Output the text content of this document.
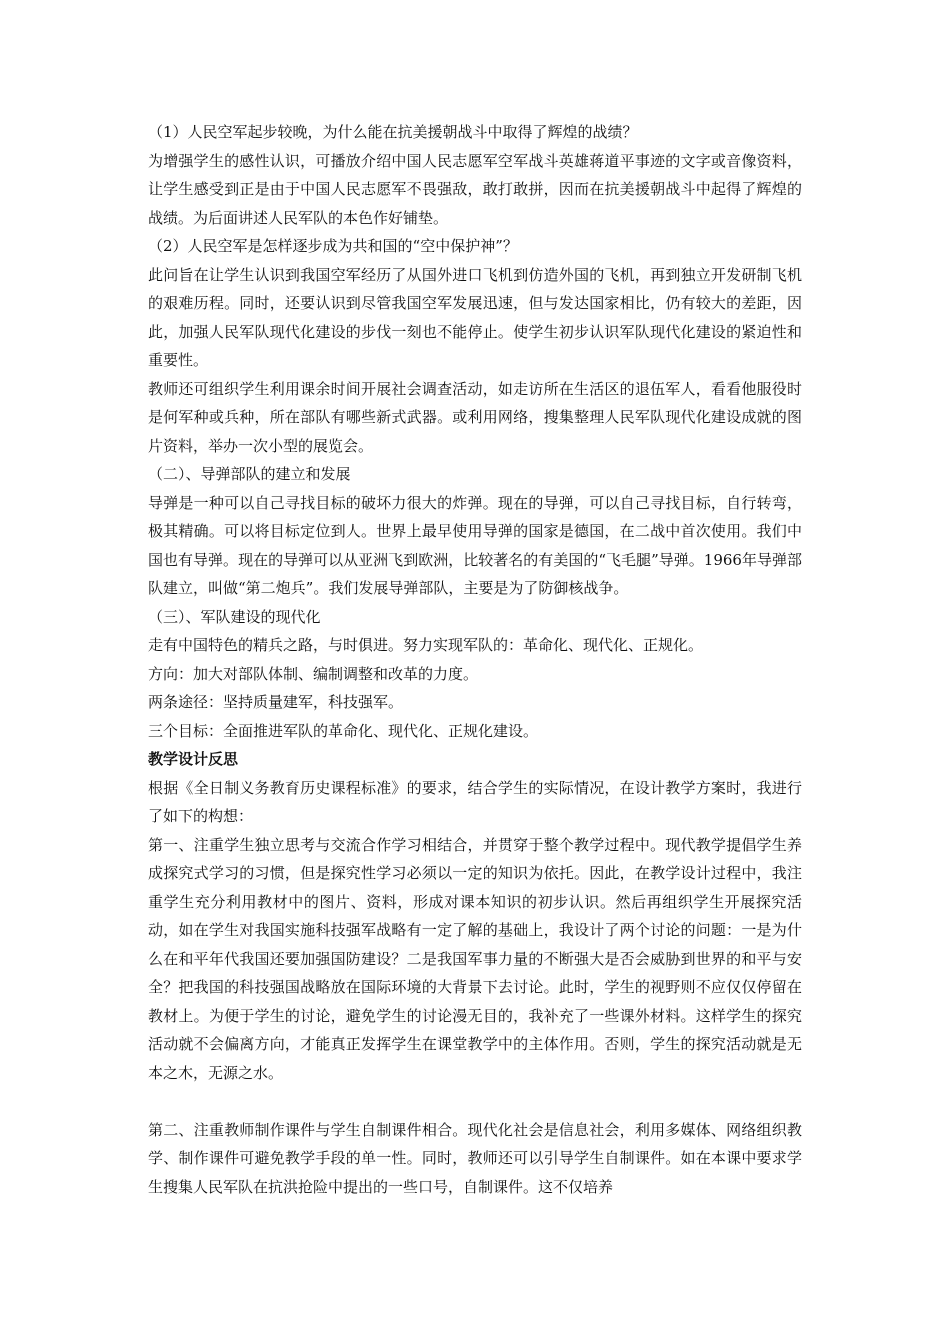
（1）人民空军起步较晚，为什么能在抗美援朝战斗中取得了辉煌的战绩？

为增强学生的感性认识，可播放介绍中国人民志愿军空军战斗英雄蒋道平事迹的文字或音像资料，让学生感受到正是由于中国人民志愿军不畏强敌，敢打敢拼，因而在抗美援朝战斗中起得了辉煌的战绩。为后面讲述人民军队的本色作好铺垫。

（2）人民空军是怎样逐步成为共和国的“空中保护神”？

此问旨在让学生认识到我国空军经历了从国外进口飞机到仿造外国的飞机，再到独立开发研制飞机的艰难历程。同时，还要认识到尽管我国空军发展迅速，但与发达国家相比，仍有较大的差距，因此，加强人民军队现代化建设的步伐一刻也不能停止。使学生初步认识军队现代化建设的紧迫性和重要性。

教师还可组织学生利用课余时间开展社会调查活动，如走访所在生活区的退伍军人，看看他服役时是何军种或兵种，所在部队有哪些新式武器。或利用网络，搜集整理人民军队现代化建设成就的图片资料，举办一次小型的展览会。

（二）、导弹部队的建立和发展

导弹是一种可以自己寻找目标的破坏力很大的炸弹。现在的导弹，可以自己寻找目标，自行转弯，极其精确。可以将目标定位到人。世界上最早使用导弹的国家是德国，在二战中首次使用。我们中国也有导弹。现在的导弹可以从亚洲飞到欧洲，比较著名的有美国的“飞毛腿”导弹。1966年导弹部队建立，叫做“第二炮兵”。我们发展导弹部队，主要是为了防御核战争。

（三）、军队建设的现代化

走有中国特色的精兵之路，与时俱进。努力实现军队的：革命化、现代化、正规化。

方向：加大对部队体制、编制调整和改革的力度。

两条途径：坚持质量建军，科技强军。

三个目标：全面推进军队的革命化、现代化、正规化建设。

教学设计反思

根据《全日制义务教育历史课程标准》的要求，结合学生的实际情况，在设计教学方案时，我进行了如下的构想：

第一、注重学生独立思考与交流合作学习相结合，并贯穿于整个教学过程中。现代教学提倡学生养成探究式学习的习惯，但是探究性学习必须以一定的知识为依托。因此，在教学设计过程中，我注重学生充分利用教材中的图片、资料，形成对课本知识的初步认识。然后再组织学生开展探究活动，如在学生对我国实施科技强军战略有一定了解的基础上，我设计了两个讨论的问题：一是为什么在和平年代我国还要加强国防建设？二是我国军事力量的不断强大是否会威胁到世界的和平与安全？把我国的科技强国战略放在国际环境的大背景下去讨论。此时，学生的视野则不应仅仅停留在教材上。为便于学生的讨论，避免学生的讨论漫无目的，我补充了一些课外材料。这样学生的探究活动就不会偏离方向，才能真正发挥学生在课堂教学中的主体作用。否则，学生的探究活动就是无本之木，无源之水。

第二、注重教师制作课件与学生自制课件相合。现代化社会是信息社会，利用多媒体、网络组织教学、制作课件可避免教学手段的单一性。同时，教师还可以引导学生自制课件。如在本课中要求学生搜集人民军队在抗洪抢险中提出的一些口号，自制课件。这不仅培养
